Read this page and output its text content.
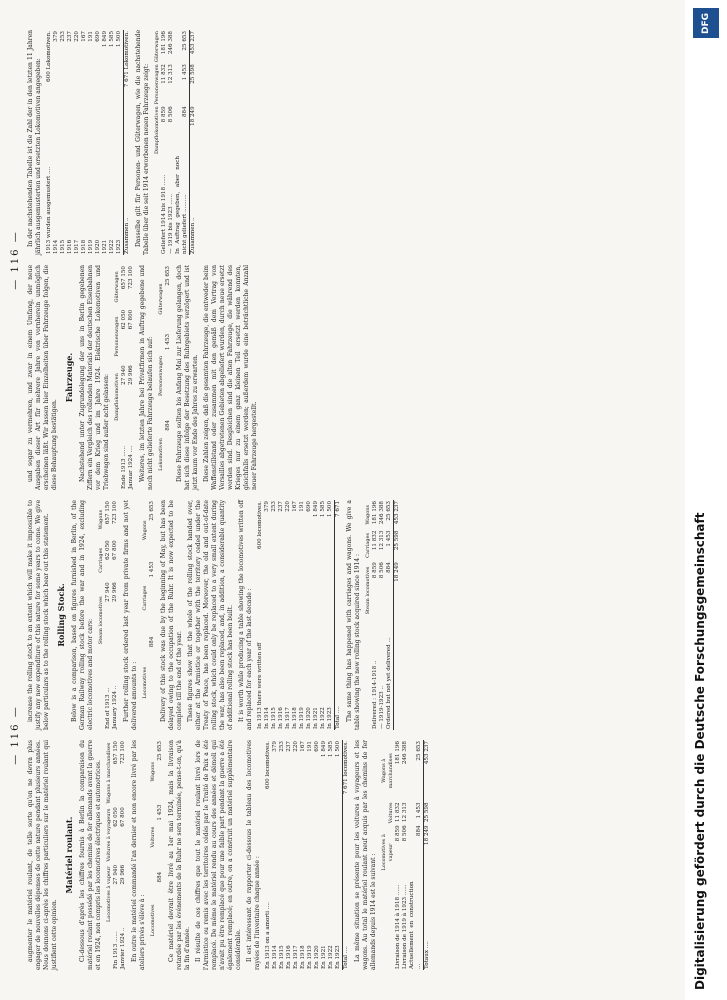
— 116 —

augmenter le matériel roulant, de telle sorte qu'on ne devra plus engager de nouvelles dépenses de cette nature pendant plusieurs années. Nous donnons ci-après les chiffres particuliers sur le matériel roulant qui justifient cette opinion.

Matériel roulant. Ci-dessous d'après les chiffres fournis à Berlin la comparaison du matériel roulant possédé par les chemins de fer allemands avant la guerre et en 1924, non compris les locomotives électriques et automotrices.

	Locomotives à vapeur	Voitures à voyageurs	Wagons à marchandises
Fin 1913 ......	27 940	62 050	657 150
Janvier 1924 ..	29 966	67 800	723 100 En outre le matériel commandé l'an dernier et non encore livré par les ateliers privés s'élève à : Locomotives	Voitures	Wagons
884	1 453	25 653 Ce matériel devrait être livré au 1er mai 1924, mais la livraison retardée par les événements de la Ruhr ne sera terminée, pense-t-on, qu'à la fin d'année. Il résulte de ces chiffres que tout le matériel roulant livré lors de l'Armistice ou remis avec les territoires cédés par le Traité de Paix a été remplacé. De même le matériel rendu au cours des années et démoli qui n'avait pu être remplacé que pour une faible part pendant la guerre a été également remplacé; en outre, on a construit un matériel supplémentaire considérable. Il est intéressant de rapporter ci-dessous le tableau des locomotives rayées de l'inventaire chaque année : En 1913 on a amorti ....	600 locomotives.
En 1914	379
En 1915	253
En 1916	237
En 1917	220
En 1918	167
En 1919	191
En 1920	690
En 1921	1 849
En 1922	1 585
En 1923	1 500
Total ....	7 671 locomotives. La même situation se présente pour les voitures à voyageurs et les wagons. Au total le matériel roulant neuf acquis par les chemins de fer allemands depuis 1914 est le suivant :

	Locomotives à vapeur	Voitures	Wagons à marchandises
Livraison de 1914 à 1918 ......	8 859	11 832	181 196
Livraison de 1919 à 1923 ......	8 506	12 313	246 388
Actuellement en construction ...	884	1 453	25 653
Totaux ....	18 249	25 598	453 237

increase the rolling stock to an extent which will make it impossible to justify any new expenditure of this nature for some years to come. We give below particulars as to the rolling stock which bear out this statement. Rolling Stock. Below is a comparison, based on figures furnished in Berlin, of the German Railway rolling stock before the war and in 1924, excluding electric locomotives and motor cars:

	Steam locomotives	Carriages	Wagons
End of 1913 ...	27 940	62 050	657 150
January 1924 ..	29 966	67 800	723 100 Further rolling stock ordered last year from private firms and not yet delivered amounts to : Locomotives	Carriages	Wagons
884	1 453	25 653 Delivery of this stock was due by the beginning of May, but has been delayed owing to the occupation of the Ruhr. It is now expected to be complete till the end of the year. These figures show that the whole of the rolling stock handed over, either at the Armistice or together with the territory ceded under the Treaty of Peace, has been replaced. Moreover, the old and out-of-date rolling stock, which could only be replaced to a very small extent during the war, has also been replaced, and, in addition, a considerable quantity of additional rolling stock has been built. It is worth while producing a table showing the locomotives written off and replaced for each year of the last decade : In 1913 there were written off	600 locomotives.
In 1914	379
In 1915	253
In 1916	237
In 1917	220
In 1918	167
In 1919	191
In 1920	690
In 1921	1 849
In 1922	1 585
In 1923	1 500
Total ....	7 671 The same thing has happened with carriages and wagons. We give a table showing the new rolling stock acquired since 1914 :

	Steam locomotives	Carriages	Wagons
Delivered : 1914-1918 ..	8 859	11 832	181 196
— 1919-1923 ..	8 506	12 313	246 388
Ordered but not yet delivered ...	884	1 453	25 653
	18 249	25 598	453 237
— 116 —

und sogar zu vermehren, und zwar in einem Umfang, der neue Ausgaben dieser Art für mehrere Jahre von vornherein unmöglich erscheinen läßt. Wir lassen hier Einzelheiten über Fahrzeuge folgen, die diese Behauptung bestätigen.

Fahrzeuge. Nachstehend unter Zugrundelegung der uns in Berlin gegebenen Ziffern ein Vergleich des rollenden Materials der deutschen Eisenbahnen vor dem Krieg und im Jahre 1924. Elektrische Lokomotiven und Triebwagen sind außer acht gelassen:

	Dampflokomotiven	Personenwagen	Güterwagen
Ende 1913 ......	27 940	62 050	657 150
Januar 1924 ....	29 966	67 800	723 100 Weiteres, im letzten Jahre bei Privatfirmen in Auftrag gegebene und noch nicht gelieferte Fahrzeuge belaufen sich auf: Lokomotiven	Personenwagen	Güterwagen
884	1 453	25 653 Diese Fahrzeuge sollten bis Anfang Mai zur Lieferung gelangen, doch hat sich diese infolge der Besetzung des Ruhrgebiets verzögert und ist jetzt kaum vor Ende des Jahres zu erwarten. Diese Zahlen zeigen, daß die gesamten Fahrzeuge, die entweder beim Waffenstillstand oder zusammen mit den gemäß dem Vertrag von Versailles abgetretenen Gebieten abgeliefert wurden, durch neue ersetzt worden sind. Desgleichen sind die alten Fahrzeuge, die während des Krieges nur zu einem ganz kleinen Teil ersetzt werden konnten, gleichfalls ersetzt worden; außerdem wurde eine beträchtliche Anzahl neuer Fahrzeuge hergestellt.

In der nachstehenden Tabelle ist die Zahl der in den letzten 11 Jahren jährlich ausgemusterten und ersetzten Lokomotiven angegeben: 1913 wurden ausgemustert ....	600 Lokomotiven.
1914	379
1915	253
1916	237
1917	220
1918	167
1919	191
1920	690
1921	1 849
1922	1 585
1923	1 500
Zusammen ..	7 671 Lokomotiven. Dasselbe gilt für Personen- und Güterwagen, wie die nachstehende Tabelle über die seit 1914 erworbenen neuen Fahrzeuge zeigt:

	Dampflokomotiven	Personenwagen	Güterwagen
Geliefert 1914 bis 1918 ......	8 859	11 832	181 196
— 1919 bis 1923 ......	8 506	12 313	246 388
In Auftrag gegeben, aber noch nicht geliefert ..........	884	1 453	25 653
Zusammen ..	18 249	25 598	453 237
DFG
Digitalisierung gefördert durch die Deutsche Forschungsgemeinschaft
